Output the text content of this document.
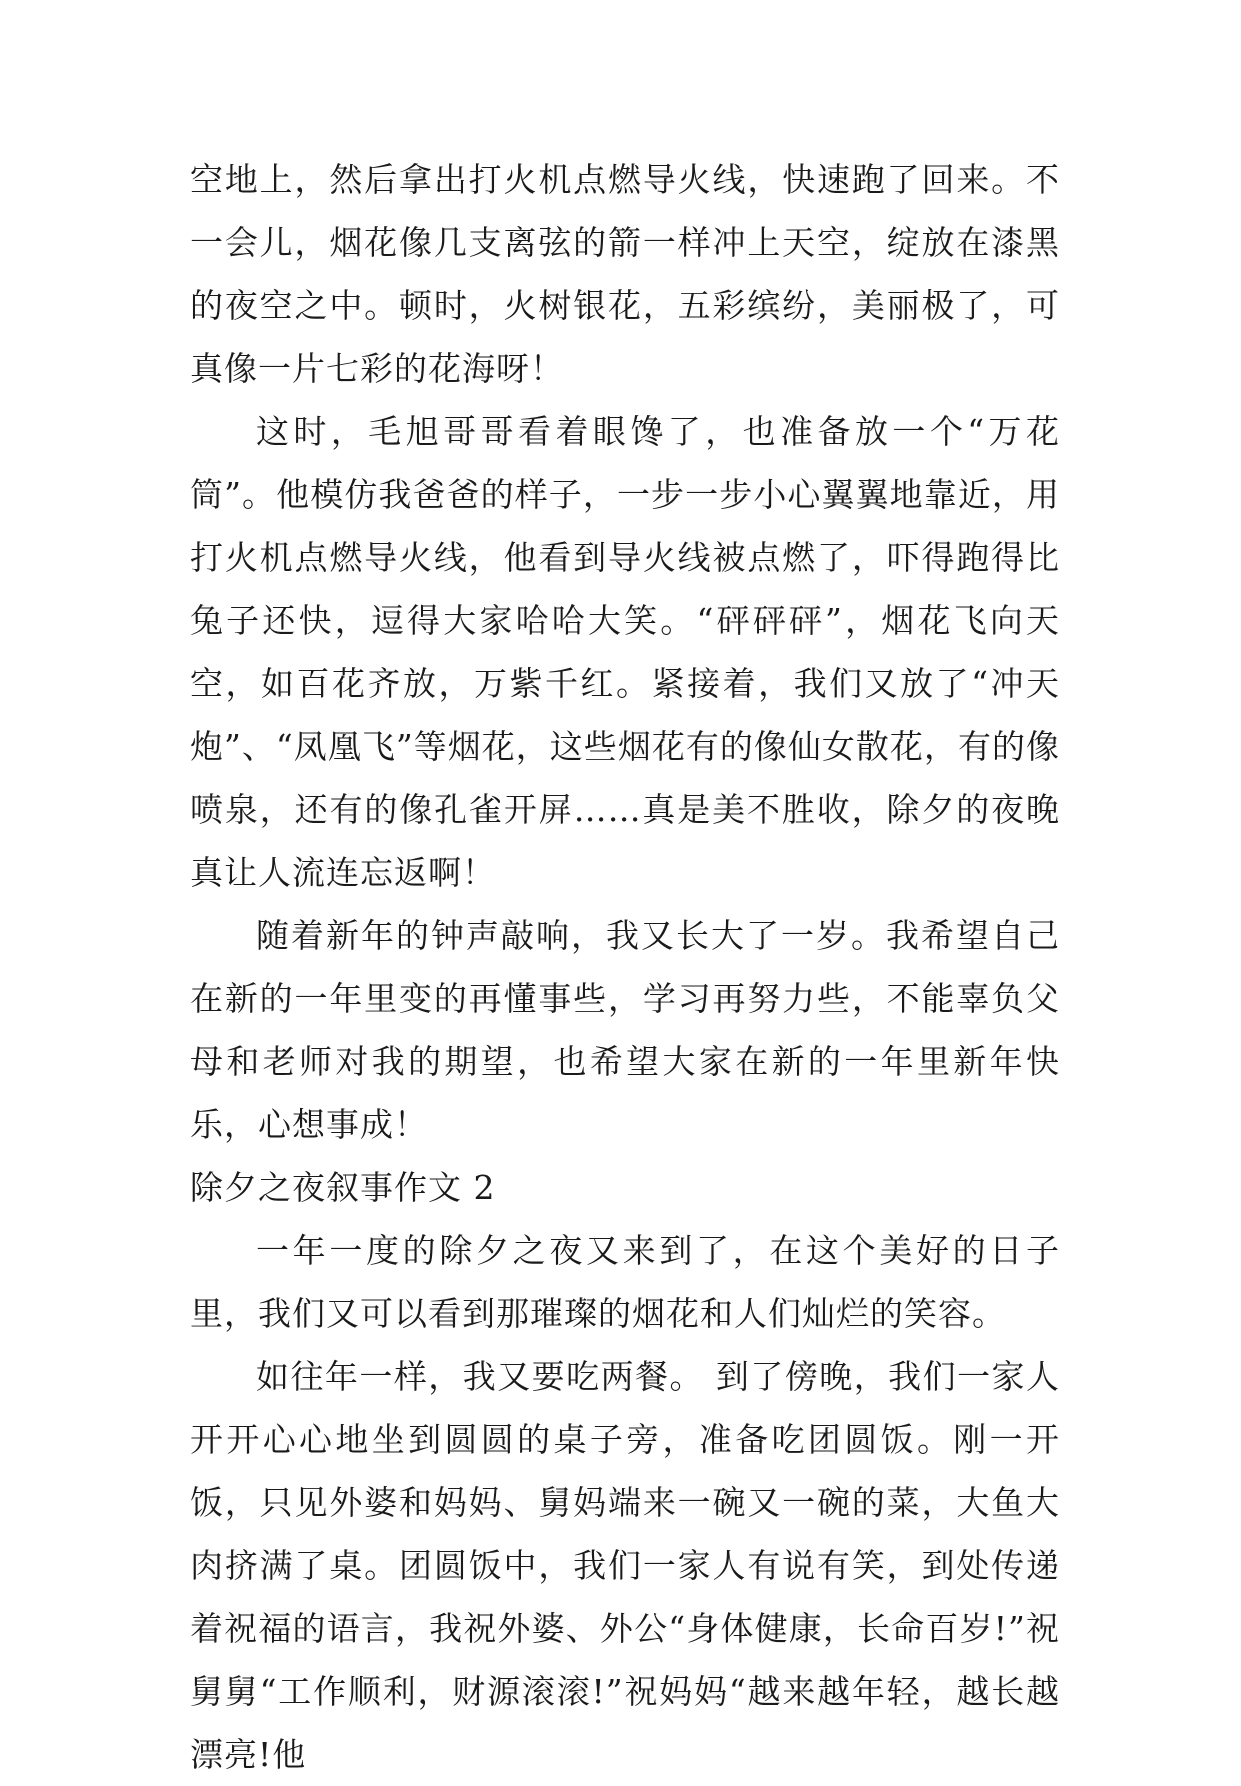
空地上，然后拿出打火机点燃导火线，快速跑了回来。不一会儿，烟花像几支离弦的箭一样冲上天空，绽放在漆黑的夜空之中。顿时，火树银花，五彩缤纷，美丽极了，可真像一片七彩的花海呀！

这时，毛旭哥哥看着眼馋了，也准备放一个“万花筒”。他模仿我爸爸的样子，一步一步小心翼翼地靠近，用打火机点燃导火线，他看到导火线被点燃了，吓得跑得比兔子还快，逗得大家哈哈大笑。“砰砰砰”，烟花飞向天空，如百花齐放，万紫千红。紧接着，我们又放了“冲天炮”、“凤凰飞”等烟花，这些烟花有的像仙女散花，有的像喷泉，还有的像孔雀开屏……真是美不胜收，除夕的夜晚真让人流连忘返啊！

随着新年的钟声敲响，我又长大了一岁。我希望自己在新的一年里变的再懂事些，学习再努力些，不能辜负父母和老师对我的期望，也希望大家在新的一年里新年快乐，心想事成！

除夕之夜叙事作文 2

一年一度的除夕之夜又来到了，在这个美好的日子里，我们又可以看到那璀璨的烟花和人们灿烂的笑容。

如往年一样，我又要吃两餐。 到了傍晚，我们一家人开开心心地坐到圆圆的桌子旁，准备吃团圆饭。刚一开饭，只见外婆和妈妈、舅妈端来一碗又一碗的菜，大鱼大肉挤满了桌。团圆饭中，我们一家人有说有笑，到处传递着祝福的语言，我祝外婆、外公“身体健康，长命百岁!”祝舅舅“工作顺利，财源滚滚!”祝妈妈“越来越年轻，越长越漂亮!他
